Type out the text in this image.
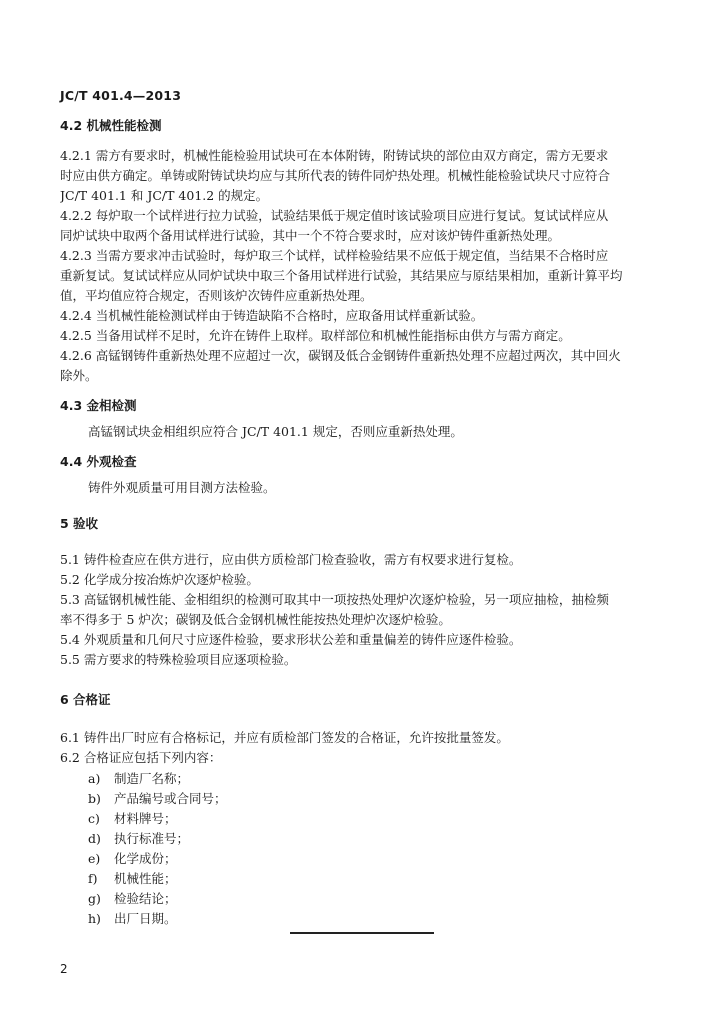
JC/T 401.4—2013
4.2 机械性能检测
4.2.1 需方有要求时，机械性能检验用试块可在本体附铸，附铸试块的部位由双方商定，需方无要求
时应由供方确定。单铸或附铸试块均应与其所代表的铸件同炉热处理。机械性能检验试块尺寸应符合
JC/T 401.1 和 JC/T 401.2 的规定。
4.2.2 每炉取一个试样进行拉力试验，试验结果低于规定值时该试验项目应进行复试。复试试样应从
同炉试块中取两个备用试样进行试验，其中一个不符合要求时，应对该炉铸件重新热处理。
4.2.3 当需方要求冲击试验时，每炉取三个试样，试样检验结果不应低于规定值，当结果不合格时应
重新复试。复试试样应从同炉试块中取三个备用试样进行试验，其结果应与原结果相加，重新计算平均
值，平均值应符合规定，否则该炉次铸件应重新热处理。
4.2.4 当机械性能检测试样由于铸造缺陷不合格时，应取备用试样重新试验。
4.2.5 当备用试样不足时，允许在铸件上取样。取样部位和机械性能指标由供方与需方商定。
4.2.6 高锰钢铸件重新热处理不应超过一次，碳钢及低合金钢铸件重新热处理不应超过两次，其中回火
除外。
4.3 金相检测
高锰钢试块金相组织应符合 JC/T 401.1 规定，否则应重新热处理。
4.4 外观检查
铸件外观质量可用目测方法检验。
5 验收
5.1 铸件检查应在供方进行，应由供方质检部门检查验收，需方有权要求进行复检。
5.2 化学成分按冶炼炉次逐炉检验。
5.3 高锰钢机械性能、金相组织的检测可取其中一项按热处理炉次逐炉检验，另一项应抽检，抽检频
率不得多于 5 炉次；碳钢及低合金钢机械性能按热处理炉次逐炉检验。
5.4 外观质量和几何尺寸应逐件检验，要求形状公差和重量偏差的铸件应逐件检验。
5.5 需方要求的特殊检验项目应逐项检验。
6 合格证
6.1 铸件出厂时应有合格标记，并应有质检部门签发的合格证，允许按批量签发。
6.2 合格证应包括下列内容：
a) 制造厂名称；
b) 产品编号或合同号；
c) 材料牌号；
d) 执行标准号；
e) 化学成份；
f) 机械性能；
g) 检验结论；
h) 出厂日期。
2
